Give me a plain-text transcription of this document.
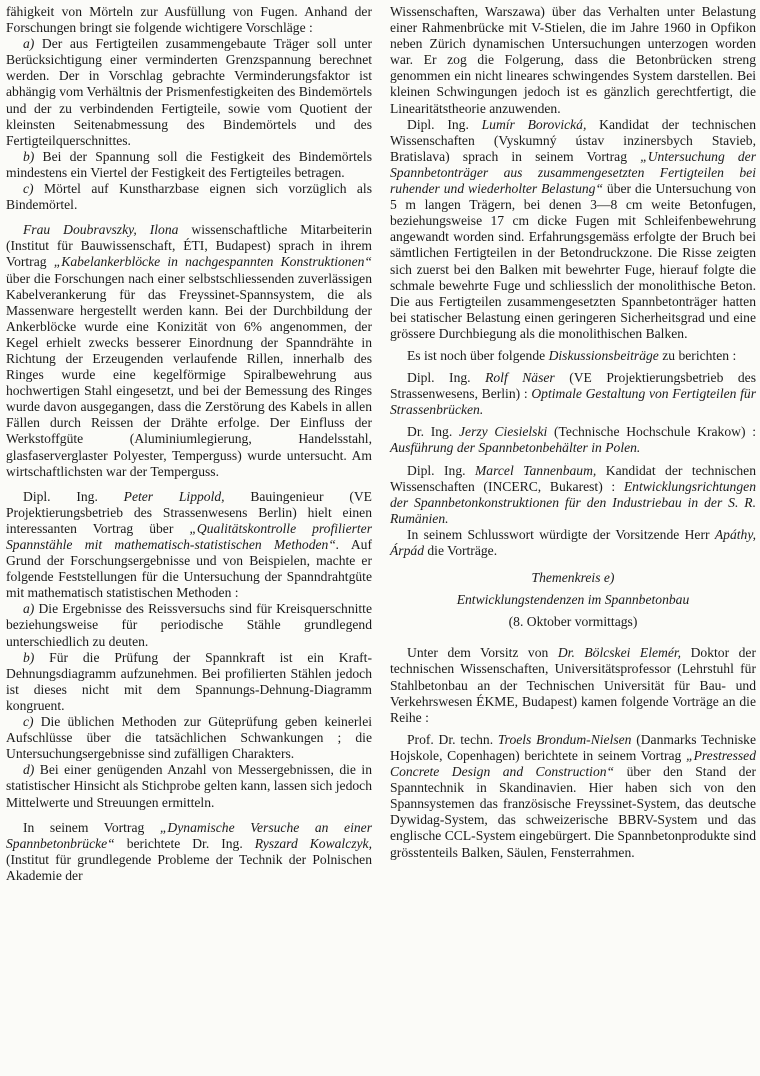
fähigkeit von Mörteln zur Ausfüllung von Fugen. Anhand der Forschungen bringt sie folgende wichtigere Vorschläge :

a) Der aus Fertigteilen zusammengebaute Träger soll unter Berücksichtigung einer verminderten Grenzspannung berechnet werden. Der in Vorschlag gebrachte Verminderungsfaktor ist abhängig vom Verhältnis der Prismenfestigkeiten des Bindemörtels und der zu verbindenden Fertigteile, sowie vom Quotient der kleinsten Seitenabmessung des Bindemörtels und des Fertigteilquerschnittes.

b) Bei der Spannung soll die Festigkeit des Bindemörtels mindestens ein Viertel der Festigkeit des Fertigteiles betragen.

c) Mörtel auf Kunstharzbase eignen sich vorzüglich als Bindemörtel.

Frau Doubravszky, Ilona wissenschaftliche Mitarbeiterin (Institut für Bauwissenschaft, ÉTI, Budapest) sprach in ihrem Vortrag „Kabelankerblöcke in nachgespannten Konstruktionen“ über die Forschungen nach einer selbstschliessenden zuverlässigen Kabelverankerung für das Freyssinet-Spannsystem, die als Massenware hergestellt werden kann. Bei der Durchbildung der Ankerblöcke wurde eine Konizität von 6% angenommen, der Kegel erhielt zwecks besserer Einordnung der Spanndrähte in Richtung der Erzeugenden verlaufende Rillen, innerhalb des Ringes wurde eine kegelförmige Spiralbewehrung aus hochwertigen Stahl eingesetzt, und bei der Bemessung des Ringes wurde davon ausgegangen, dass die Zerstörung des Kabels in allen Fällen durch Reissen der Drähte erfolge. Der Einfluss der Werkstoffgüte (Aluminiumlegierung, Handelsstahl, glasfaserverglaster Polyester, Temperguss) wurde untersucht. Am wirtschaftlichsten war der Temperguss.

Dipl. Ing. Peter Lippold, Bauingenieur (VE Projektierungsbetrieb des Strassenwesens Berlin) hielt einen interessanten Vortrag über „Qualitätskontrolle profilierter Spannstähle mit mathematisch-statistischen Methoden“. Auf Grund der Forschungsergebnisse und von Beispielen, machte er folgende Feststellungen für die Untersuchung der Spanndrahtgüte mit mathematisch statistischen Methoden :

a) Die Ergebnisse des Reissversuchs sind für Kreisquerschnitte beziehungsweise für periodische Stähle grundlegend unterschiedlich zu deuten.

b) Für die Prüfung der Spannkraft ist ein Kraft-Dehnungsdiagramm aufzunehmen. Bei profilierten Stählen jedoch ist dieses nicht mit dem Spannungs-Dehnung-Diagramm kongruent.

c) Die üblichen Methoden zur Güteprüfung geben keinerlei Aufschlüsse über die tatsächlichen Schwankungen ; die Untersuchungsergebnisse sind zufälligen Charakters.

d) Bei einer genügenden Anzahl von Messergebnissen, die in statistischer Hinsicht als Stichprobe gelten kann, lassen sich jedoch Mittelwerte und Streuungen ermitteln.

In seinem Vortrag „Dynamische Versuche an einer Spannbetonbrücke“ berichtete Dr. Ing. Ryszard Kowalczyk, (Institut für grundlegende Probleme der Technik der Polnischen Akademie der

Wissenschaften, Warszawa) über das Verhalten unter Belastung einer Rahmenbrücke mit V-Stielen, die im Jahre 1960 in Opfikon neben Zürich dynamischen Untersuchungen unterzogen worden war. Er zog die Folgerung, dass die Betonbrücken streng genommen ein nicht lineares schwingendes System darstellen. Bei kleinen Schwingungen jedoch ist es gänzlich gerechtfertigt, die Linearitätstheorie anzuwenden.

Dipl. Ing. Lumír Borovická, Kandidat der technischen Wissenschaften (Vyskumný ústav inzinersbych Stavieb, Bratislava) sprach in seinem Vortrag „Untersuchung der Spannbetonträger aus zusammengesetzten Fertigteilen bei ruhender und wiederholter Belastung“ über die Untersuchung von 5 m langen Trägern, bei denen 3—8 cm weite Betonfugen, beziehungsweise 17 cm dicke Fugen mit Schleifenbewehrung angewandt worden sind. Erfahrungsgemäss erfolgte der Bruch bei sämtlichen Fertigteilen in der Betondruckzone. Die Risse zeigten sich zuerst bei den Balken mit bewehrter Fuge, hierauf folgte die schmale bewehrte Fuge und schliesslich der monolithische Beton. Die aus Fertigteilen zusammengesetzten Spannbetonträger hatten bei statischer Belastung einen geringeren Sicherheitsgrad und eine grössere Durchbiegung als die monolithischen Balken.

Es ist noch über folgende Diskussionsbeiträge zu berichten :

Dipl. Ing. Rolf Näser (VE Projektierungsbetrieb des Strassenwesens, Berlin) : Optimale Gestaltung von Fertigteilen für Strassenbrücken.

Dr. Ing. Jerzy Ciesielski (Technische Hochschule Krakow) : Ausführung der Spannbetonbehälter in Polen.

Dipl. Ing. Marcel Tannenbaum, Kandidat der technischen Wissenschaften (INCERC, Bukarest) : Entwicklungsrichtungen der Spannbetonkonstruktionen für den Industriebau in der S. R. Rumänien.

In seinem Schlusswort würdigte der Vorsitzende Herr Apáthy, Árpád die Vorträge.

Themenkreis e)

Entwicklungstendenzen im Spannbetonbau

(8. Oktober vormittags)

Unter dem Vorsitz von Dr. Bölcskei Elemér, Doktor der technischen Wissenschaften, Universitätsprofessor (Lehrstuhl für Stahlbetonbau an der Technischen Universität für Bau- und Verkehrswesen ÉKME, Budapest) kamen folgende Vorträge an die Reihe :

Prof. Dr. techn. Troels Brondum-Nielsen (Danmarks Techniske Hojskole, Copenhagen) berichtete in seinem Vortrag „Prestressed Concrete Design and Construction“ über den Stand der Spanntechnik in Skandinavien. Hier haben sich von den Spannsystemen das französische Freyssinet-System, das deutsche Dywidag-System, das schweizerische BBRV-System und das englische CCL-System eingebürgert. Die Spannbetonprodukte sind grösstenteils Balken, Säulen, Fensterrahmen.
